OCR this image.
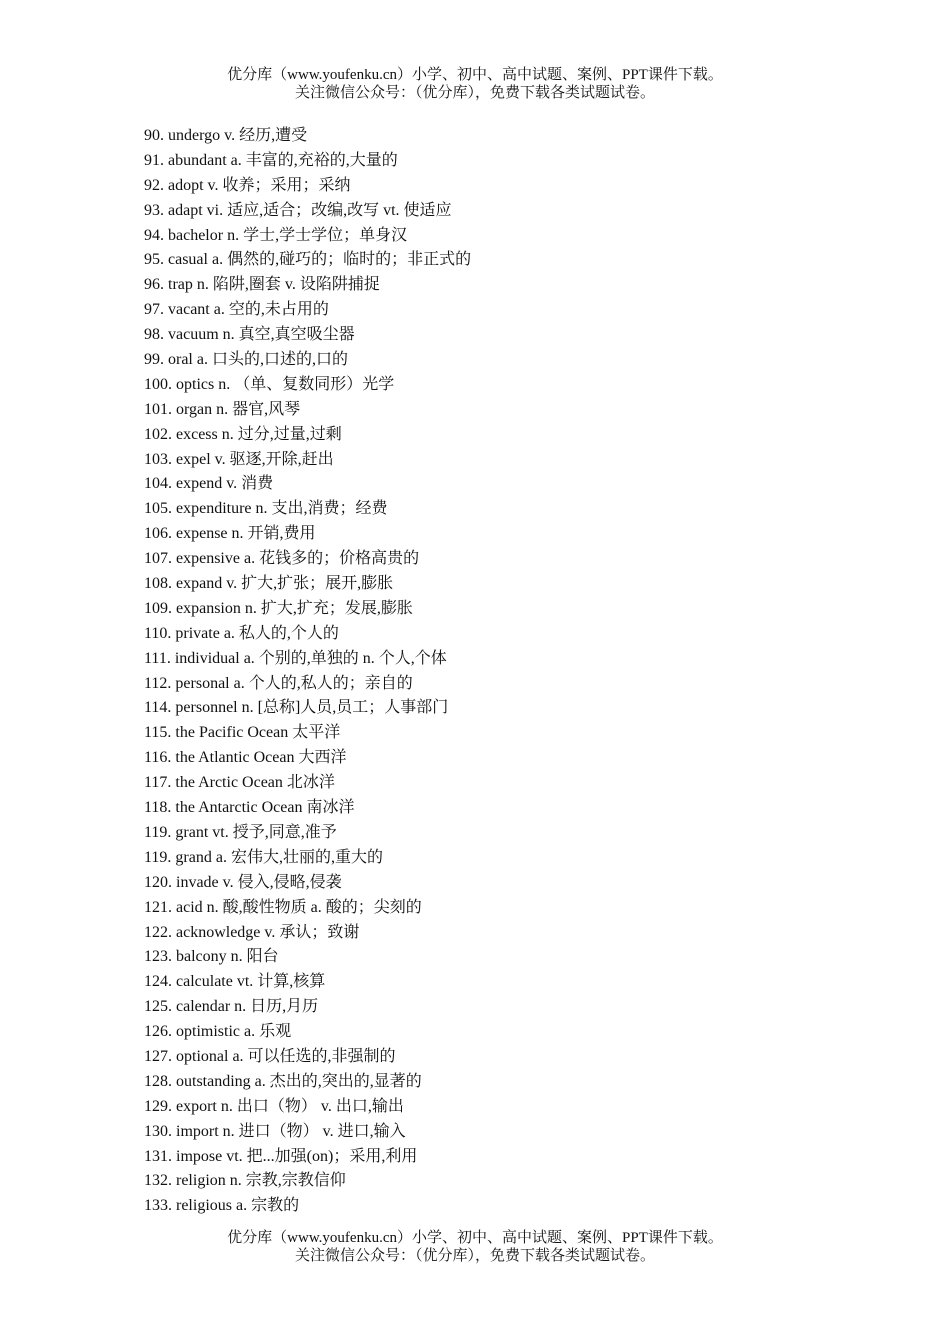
优分库（www.youfenku.cn）小学、初中、高中试题、案例、PPT课件下载。
关注微信公众号：（优分库），免费下载各类试题试卷。
90. undergo v. 经历,遭受
91. abundant a. 丰富的,充裕的,大量的
92. adopt v. 收养；采用；采纳
93. adapt vi. 适应,适合；改编,改写 vt. 使适应
94. bachelor n. 学士,学士学位；单身汉
95. casual a. 偶然的,碰巧的；临时的；非正式的
96. trap n. 陷阱,圈套 v. 设陷阱捕捉
97. vacant a. 空的,未占用的
98. vacuum n. 真空,真空吸尘器
99. oral a. 口头的,口述的,口的
100. optics n. （单、复数同形）光学
101. organ n. 器官,风琴
102. excess n. 过分,过量,过剩
103. expel v. 驱逐,开除,赶出
104. expend v. 消费
105. expenditure n. 支出,消费；经费
106. expense n. 开销,费用
107. expensive a. 花钱多的；价格高贵的
108. expand v. 扩大,扩张；展开,膨胀
109. expansion n. 扩大,扩充；发展,膨胀
110. private a. 私人的,个人的
111. individual a. 个别的,单独的 n. 个人,个体
112. personal a. 个人的,私人的；亲自的
114. personnel n. [总称]人员,员工；人事部门
115. the Pacific Ocean 太平洋
116. the Atlantic Ocean 大西洋
117. the Arctic Ocean 北冰洋
118. the Antarctic Ocean 南冰洋
119. grant vt. 授予,同意,准予
119. grand a. 宏伟大,壮丽的,重大的
120. invade v. 侵入,侵略,侵袭
121. acid n. 酸,酸性物质 a. 酸的；尖刻的
122. acknowledge v. 承认；致谢
123. balcony n. 阳台
124. calculate vt. 计算,核算
125. calendar n. 日历,月历
126. optimistic a. 乐观
127. optional a. 可以任选的,非强制的
128. outstanding a. 杰出的,突出的,显著的
129. export n. 出口（物） v. 出口,输出
130. import n. 进口（物） v. 进口,输入
131. impose vt. 把...加强(on)；采用,利用
132. religion n. 宗教,宗教信仰
133. religious a. 宗教的
优分库（www.youfenku.cn）小学、初中、高中试题、案例、PPT课件下载。
关注微信公众号：（优分库），免费下载各类试题试卷。
